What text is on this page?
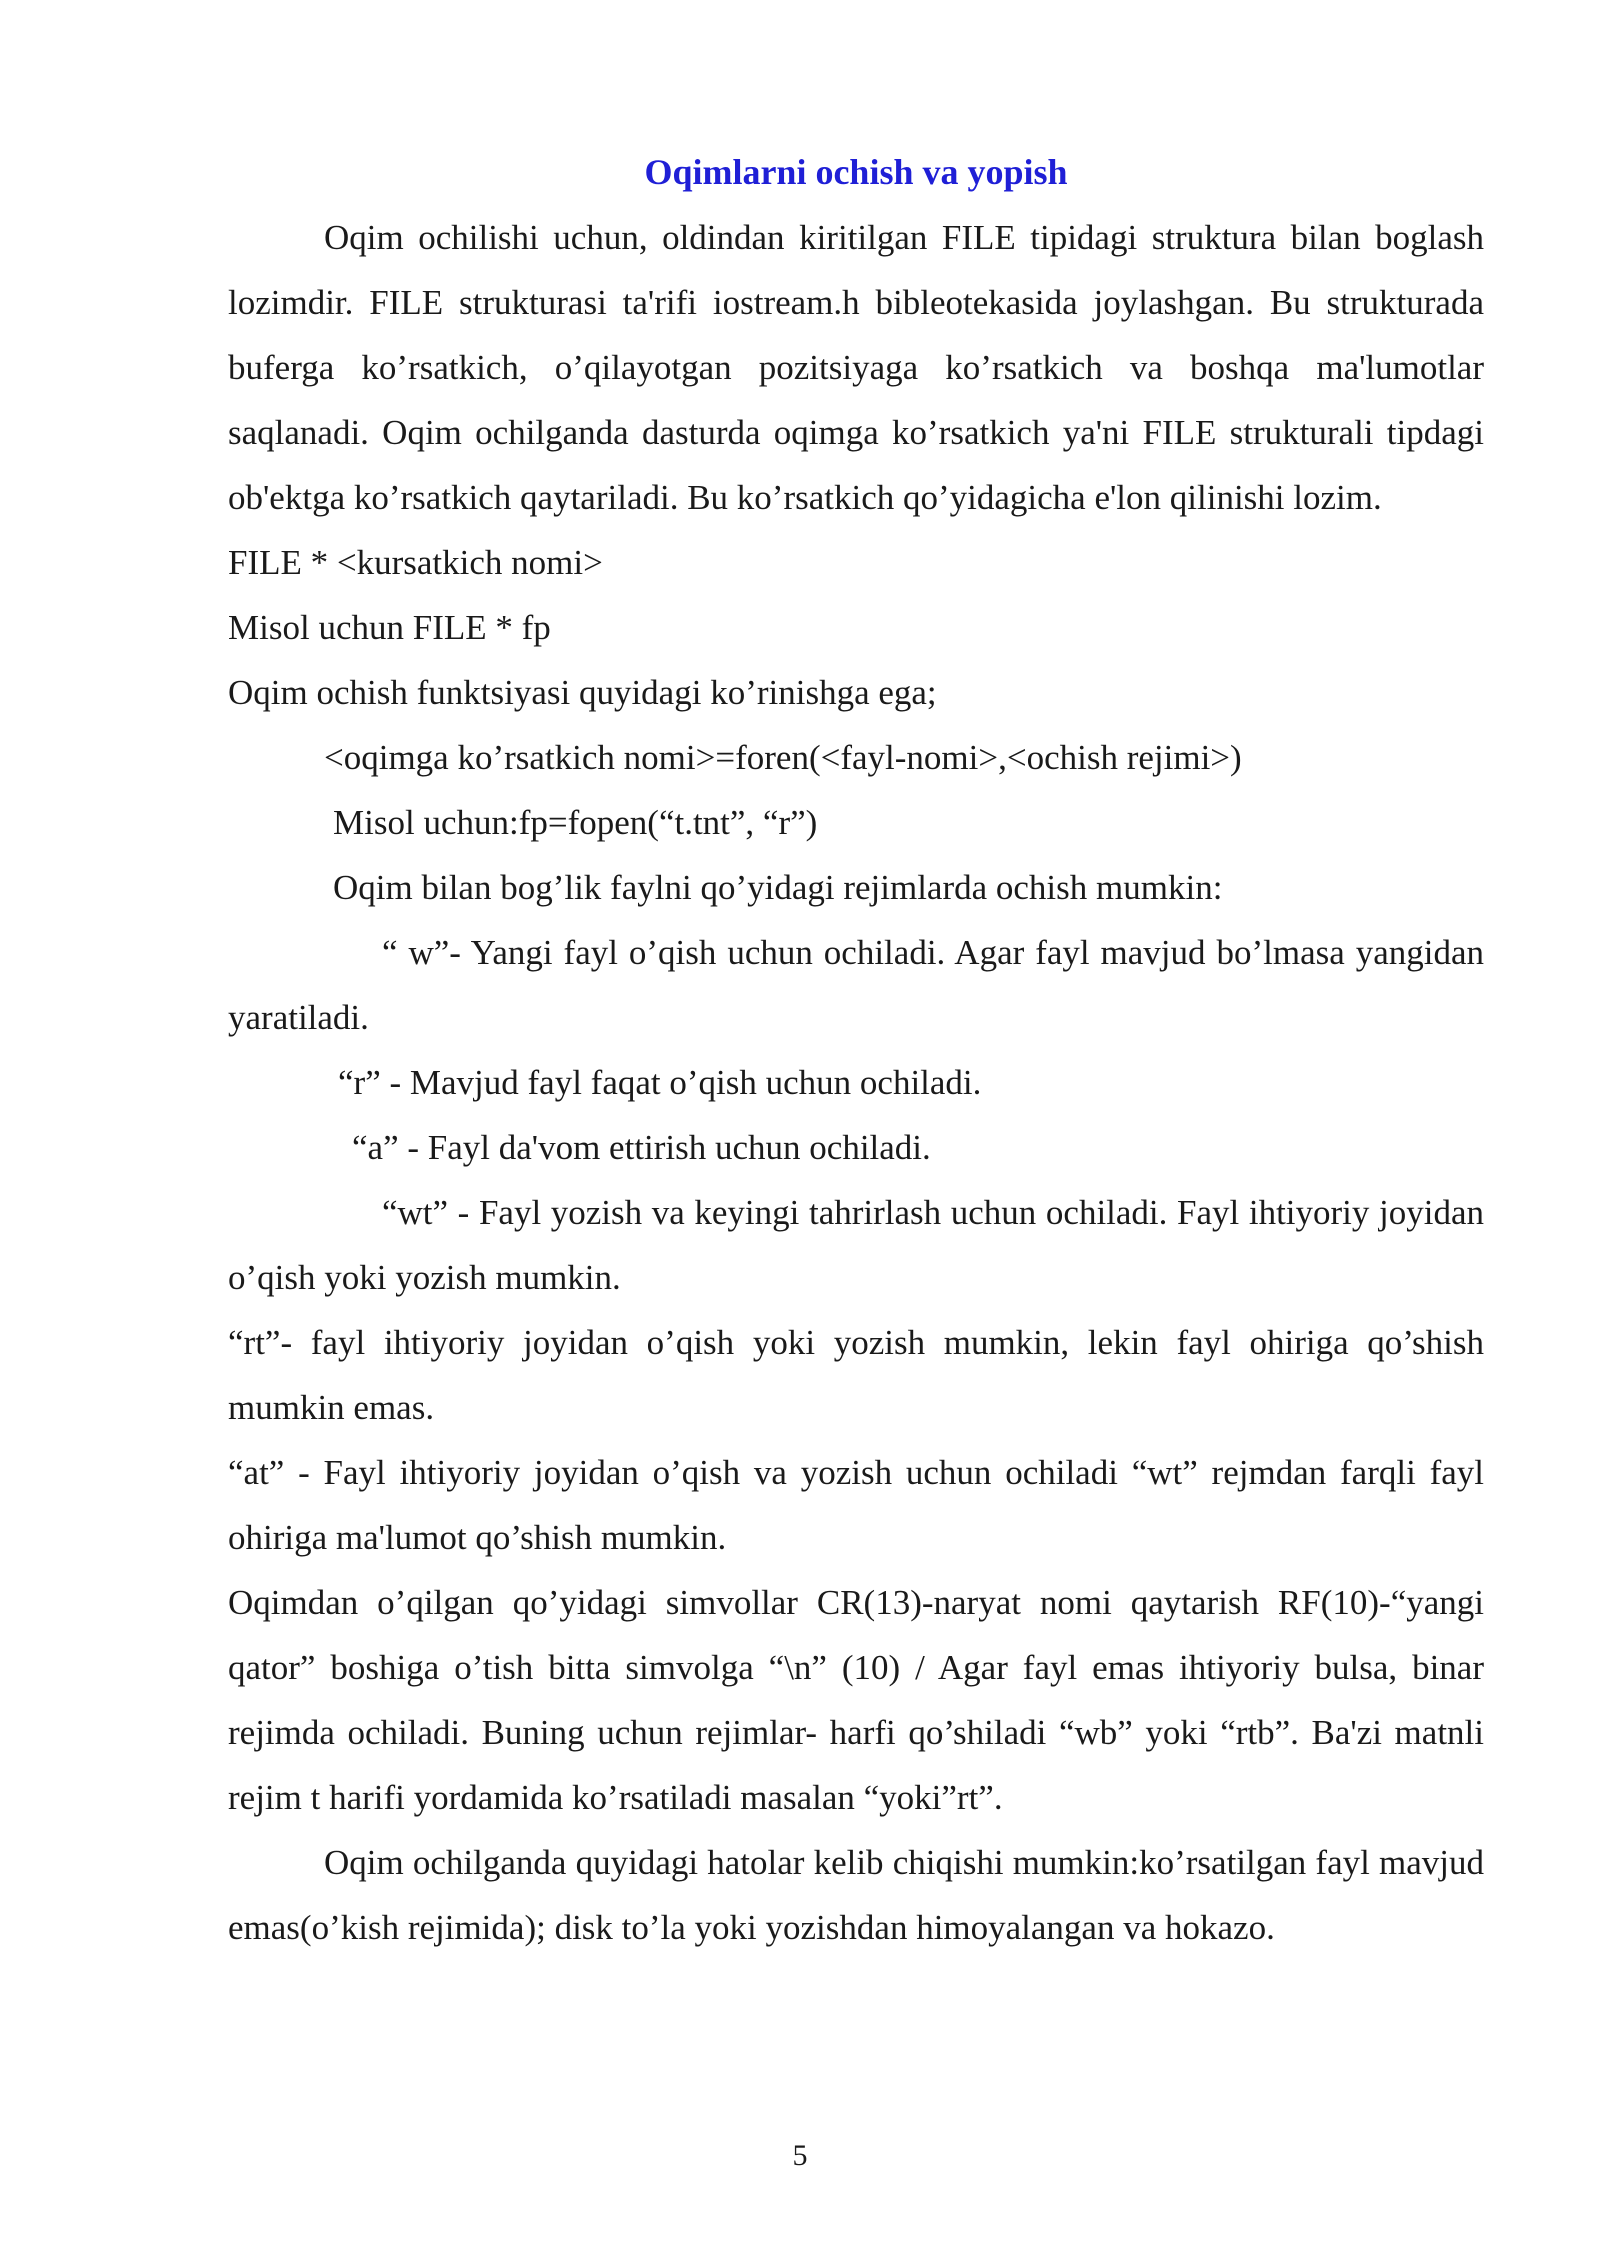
Oqimlarni ochish va yopish

Oqim ochilishi uchun, oldindan kiritilgan FILE tipidagi struktura bilan boglash lozimdir. FILE strukturasi ta'rifi iostream.h bibleotekasida joylashgan. Bu strukturada buferga ko’rsatkich, o’qilayotgan pozitsiyaga ko’rsatkich va boshqa ma'lumotlar saqlanadi. Oqim ochilganda dasturda oqimga ko’rsatkich ya'ni FILE strukturali tipdagi ob'ektga ko’rsatkich qaytariladi. Bu ko’rsatkich qo’yidagicha e'lon qilinishi lozim.

FILE * <kursatkich nomi>

Misol uchun FILE * fp

Oqim ochish funktsiyasi quyidagi ko’rinishga ega;

<oqimga ko’rsatkich nomi>=foren(<fayl-nomi>,<ochish rejimi>)

Misol uchun:fp=fopen(“t.tnt”, “r”)

Oqim bilan bog’lik faylni qo’yidagi rejimlarda ochish mumkin:

“ w”- Yangi fayl o’qish uchun ochiladi. Agar fayl mavjud bo’lmasa yangidan yaratiladi.

“r” - Mavjud fayl faqat o’qish uchun ochiladi.

“a” - Fayl da'vom ettirish uchun ochiladi.

“wt” - Fayl yozish va keyingi tahrirlash uchun ochiladi. Fayl ihtiyoriy joyidan o’qish yoki yozish mumkin.

“rt”- fayl ihtiyoriy joyidan o’qish yoki yozish mumkin, lekin fayl ohiriga qo’shish mumkin emas.

“at” - Fayl ihtiyoriy joyidan o’qish va yozish uchun ochiladi “wt” rejmdan farqli fayl ohiriga ma'lumot qo’shish mumkin.

Oqimdan o’qilgan qo’yidagi simvollar CR(13)-naryat nomi qaytarish RF(10)-“yangi qator” boshiga o’tish bitta simvolga “\n” (10) / Agar fayl emas ihtiyoriy bulsa, binar rejimda ochiladi. Buning uchun rejimlar- harfi qo’shiladi “wb” yoki “rtb”. Ba'zi matnli rejim t harifi yordamida ko’rsatiladi masalan “yoki”rt”.

Oqim ochilganda quyidagi hatolar kelib chiqishi mumkin:ko’rsatilgan fayl mavjud emas(o’kish rejimida); disk to’la yoki yozishdan himoyalangan va hokazo.

5
